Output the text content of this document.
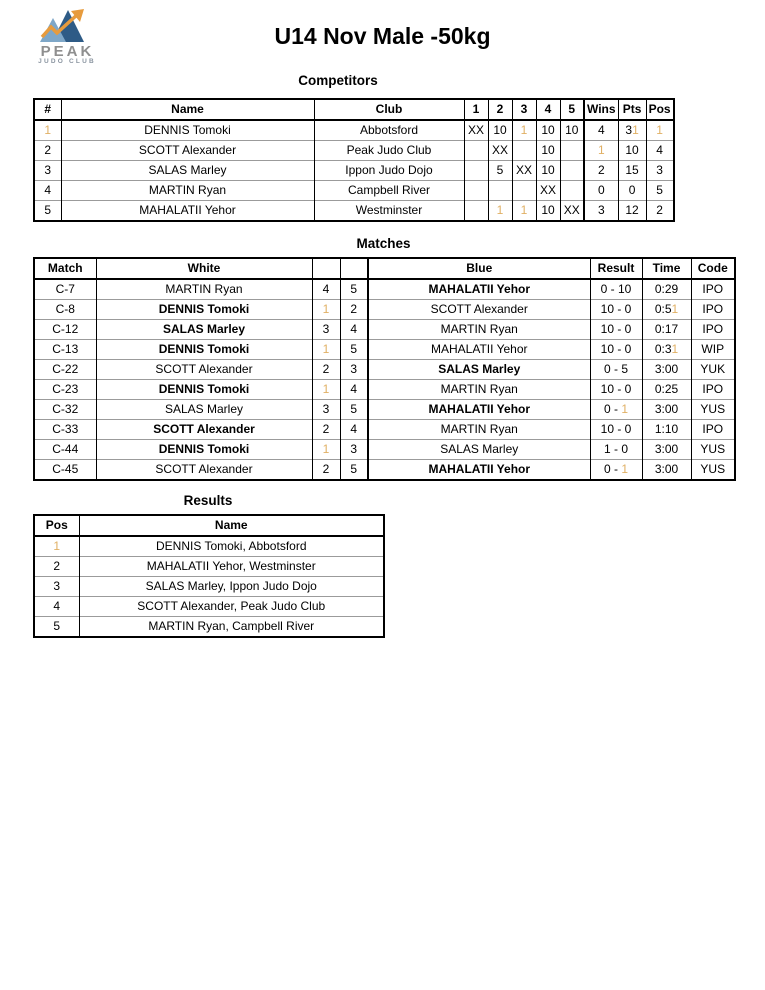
PEAK
JUDO CLUB
U14 Nov Male -50kg
Competitors
#	Name	Club	1	2	3	4	5	Wins	Pts	Pos
1	DENNIS Tomoki	Abbotsford	XX	10	1	10	10	4	31	1
2	SCOTT Alexander	Peak Judo Club		XX		10		1	10	4
3	SALAS Marley	Ippon Judo Dojo		5	XX	10		2	15	3
4	MARTIN Ryan	Campbell River				XX		0	0	5
5	MAHALATII Yehor	Westminster		1	1	10	XX	3	12	2
Matches
Match	White			Blue	Result	Time	Code
C-7	MARTIN Ryan	4	5	MAHALATII Yehor	0 - 10	0:29	IPO
C-8	DENNIS Tomoki	1	2	SCOTT Alexander	10 - 0	0:51	IPO
C-12	SALAS Marley	3	4	MARTIN Ryan	10 - 0	0:17	IPO
C-13	DENNIS Tomoki	1	5	MAHALATII Yehor	10 - 0	0:31	WIP
C-22	SCOTT Alexander	2	3	SALAS Marley	0 - 5	3:00	YUK
C-23	DENNIS Tomoki	1	4	MARTIN Ryan	10 - 0	0:25	IPO
C-32	SALAS Marley	3	5	MAHALATII Yehor	0 - 1	3:00	YUS
C-33	SCOTT Alexander	2	4	MARTIN Ryan	10 - 0	1:10	IPO
C-44	DENNIS Tomoki	1	3	SALAS Marley	1 - 0	3:00	YUS
C-45	SCOTT Alexander	2	5	MAHALATII Yehor	0 - 1	3:00	YUS
Results
Pos	Name
1	DENNIS Tomoki, Abbotsford
2	MAHALATII Yehor, Westminster
3	SALAS Marley, Ippon Judo Dojo
4	SCOTT Alexander, Peak Judo Club
5	MARTIN Ryan, Campbell River
